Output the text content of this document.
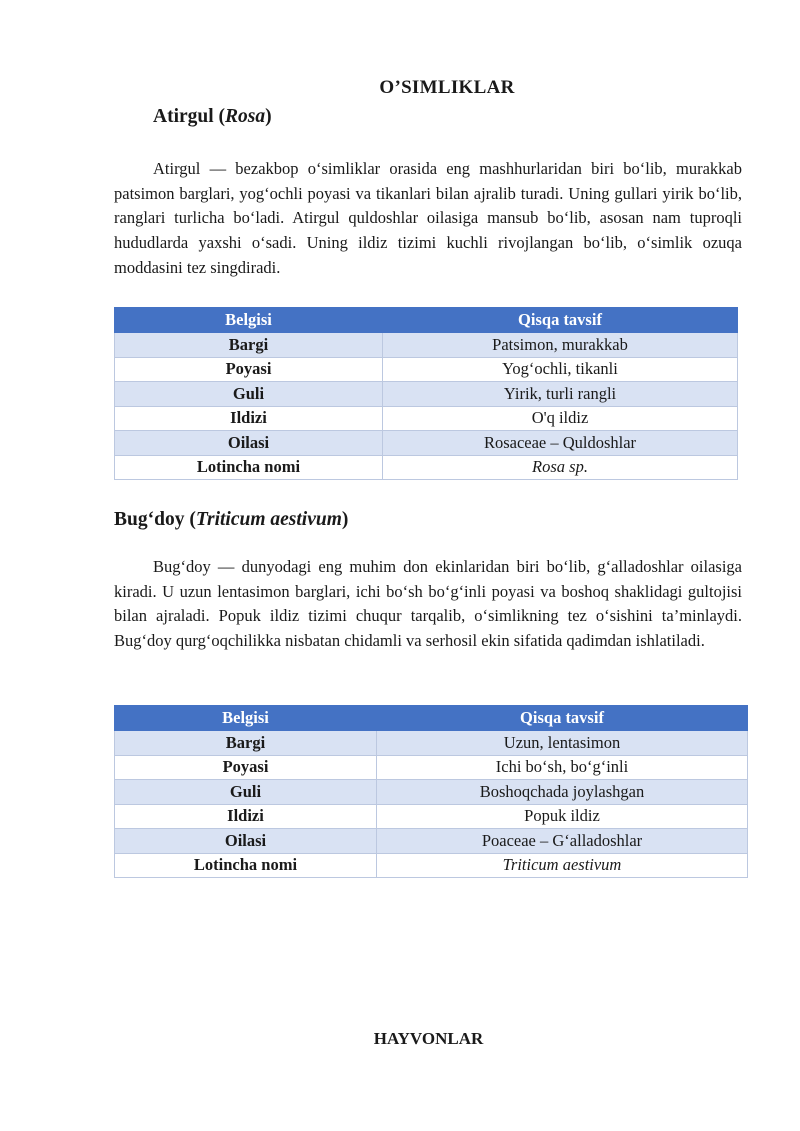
O’SIMLIKLAR
Atirgul (Rosa)

Atirgul — bezakbop o‘simliklar orasida eng mashhurlaridan biri bo‘lib, murakkab patsimon barglari, yog‘ochli poyasi va tikanlari bilan ajralib turadi. Uning gullari yirik bo‘lib, ranglari turlicha bo‘ladi. Atirgul quldoshlar oilasiga mansub bo‘lib, asosan nam tuproqli hududlarda yaxshi o‘sadi. Uning ildiz tizimi kuchli rivojlangan bo‘lib, o‘simlik ozuqa moddasini tez singdiradi.

Belgisi	Qisqa tavsif
Bargi	Patsimon, murakkab
Poyasi	Yog‘ochli, tikanli
Guli	Yirik, turli rangli
Ildizi	O'q ildiz
Oilasi	Rosaceae – Quldoshlar
Lotincha nomi	Rosa sp.
Bug‘doy (Triticum aestivum)

Bug‘doy — dunyodagi eng muhim don ekinlaridan biri bo‘lib, g‘alladoshlar oilasiga kiradi. U uzun lentasimon barglari, ichi bo‘sh bo‘g‘inli poyasi va boshoq shaklidagi gultojisi bilan ajraladi. Popuk ildiz tizimi chuqur tarqalib, o‘simlikning tez o‘sishini ta’minlaydi. Bug‘doy qurg‘oqchilikka nisbatan chidamli va serhosil ekin sifatida qadimdan ishlatiladi.

Belgisi	Qisqa tavsif
Bargi	Uzun, lentasimon
Poyasi	Ichi bo‘sh, bo‘g‘inli
Guli	Boshoqchada joylashgan
Ildizi	Popuk ildiz
Oilasi	Poaceae – G‘alladoshlar
Lotincha nomi	Triticum aestivum
HAYVONLAR
